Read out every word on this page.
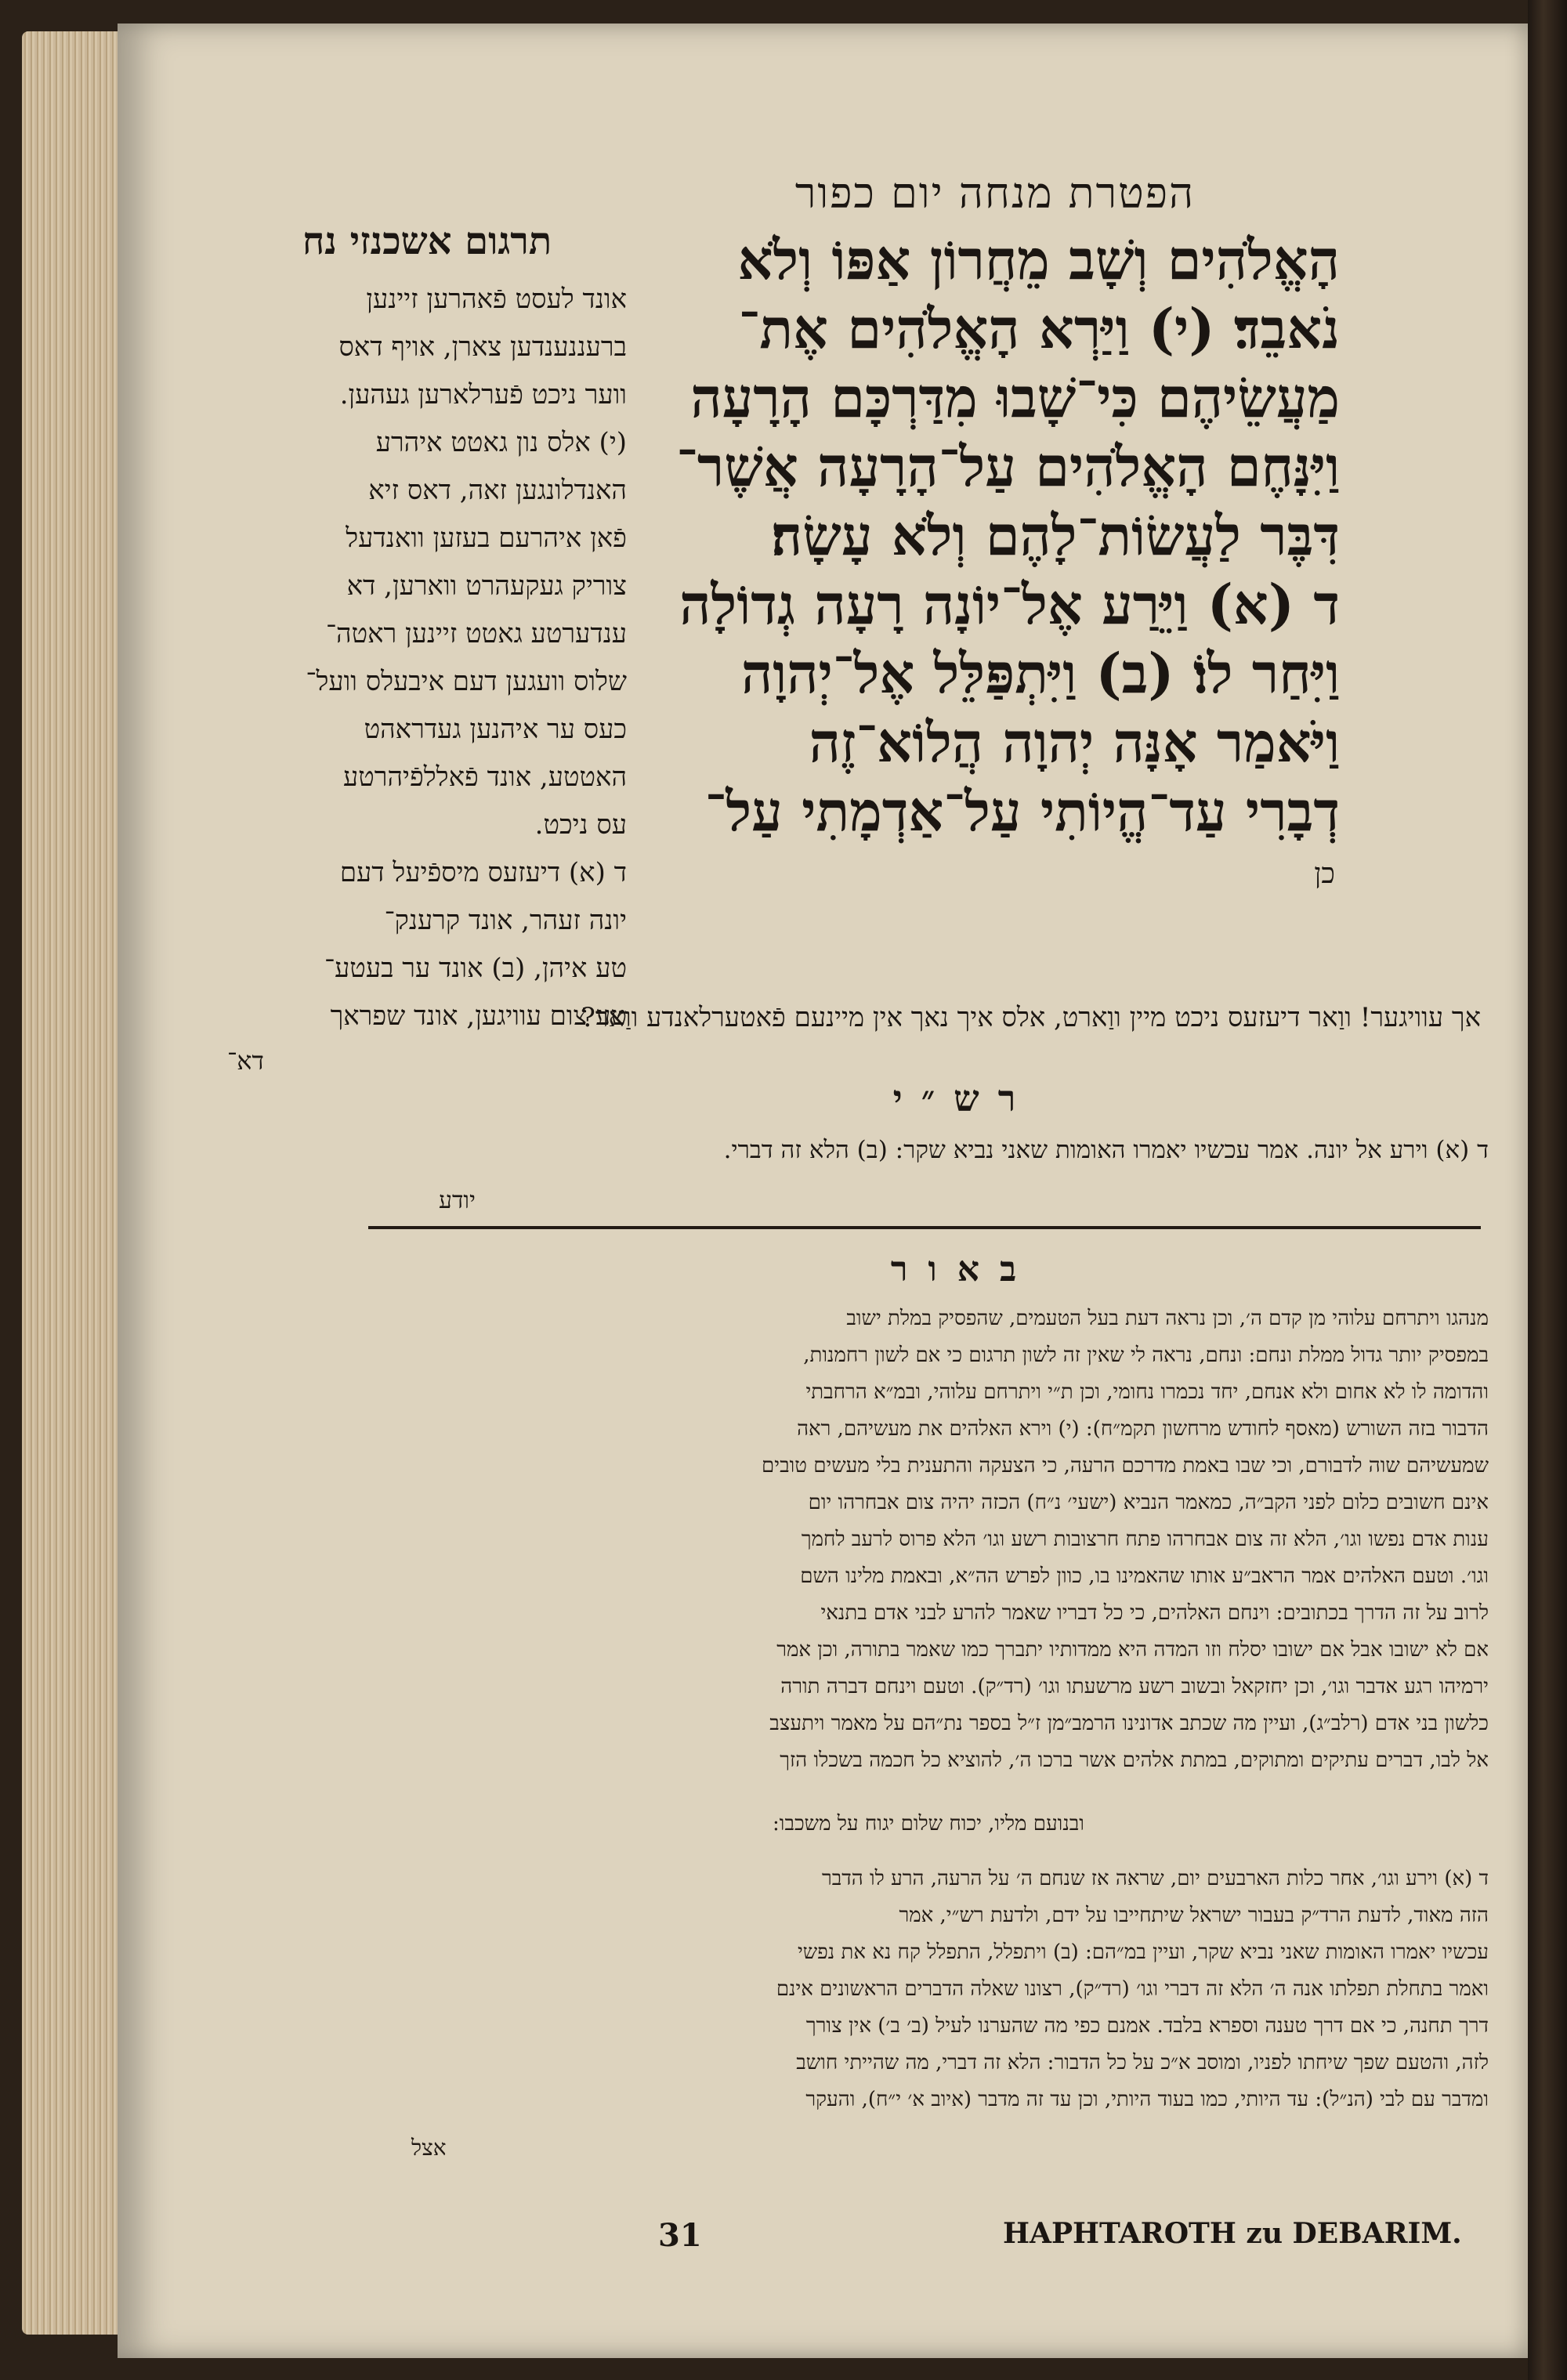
הפטרת מנחה יום כפור
הָאֱלֹהִים וְשָׁב מֵחֲרוֹן אַפּוֹ וְלֹא
נֹאבֵד׃ (י) וַיַּרְא הָאֱלֹהִים אֶת־
מַעֲשֵׂיהֶם כִּי־שָׁבוּ מִדַּרְכָּם הָרָעָה
וַיִּנָּחֶם הָאֱלֹהִים עַל־הָרָעָה אֲשֶׁר־
דִּבֶּר לַעֲשׂוֹת־לָהֶם וְלֹא עָשָׂה׃
ד (א) וַיֵּרַע אֶל־יוֹנָה רָעָה גְדוֹלָה
וַיִּחַר לוֹ׃ (ב) וַיִּתְפַּלֵּל אֶל־יְהוָה
וַיֹּאמַר אָנָּה יְהוָה הֲלוֹא־זֶה
דְבָרִי עַד־הֱיוֹתִי עַל־אַדְמָתִי עַל־
כן
תרגום אשכנזי נח
אונד לעסט פֿאהרען זיינען
ברעננענדען צארן, אויף דאס
ווער ניכט פֿערלארען געהען.
(י) אלס נון גאטט איהרע
האנדלונגען זאה, דאס זיא
פֿאן איהרעם בעזען וואנדעל
צוריק געקעהרט ווארען, דא
ענדערטע גאטט זיינען ראטה־
שלוס וועגען דעם איבעלס וועל־
כעס ער איהנען געדראהט
האטטע, אונד פֿאללפֿיהרטע
עס ניכט.
ד (א) דיעזעס מיספֿיעל דעם
יונה זעהר, אונד קרענק־
טע איהן, (ב) אונד ער בעטע־
טע צום עוויגען, אונד שפראך
אך עוויגער! ווַאר דיעזעס ניכט מיין ווַארט, אלס איך נאך אין מיינעם פֿאטערלאנדע ווַאר?
דא־
רש״י
ד (א) וירע אל יונה. אמר עכשיו יאמרו האומות שאני נביא שקר: (ב) הלא זה דברי.
יודע
באור
מנהגו ויתרחם עלוהי מן קדם ה׳, וכן נראה דעת בעל הטעמים, שהפסיק במלת ישוב
במפסיק יותר גדול ממלת ונחם: ונחם, נראה לי שאין זה לשון תרגום כי אם לשון רחמנות,
והדומה לו לא אחום ולא אנחם, יחד נכמרו נחומי, וכן ת״י ויתרחם עלוהי, ובמ״א הרחבתי
הדבור בזה השורש (מאסף לחודש מרחשון תקמ״ח): (י) וירא האלהים את מעשיהם, ראה
שמעשיהם שוה לדבורם, וכי שבו באמת מדרכם הרעה, כי הצעקה והתענית בלי מעשים טובים
אינם חשובים כלום לפני הקב״ה, כמאמר הנביא (ישעי׳ נ״ח) הכזה יהיה צום אבחרהו יום
ענות אדם נפשו וגו׳, הלא זה צום אבחרהו פתח חרצובות רשע וגו׳ הלא פרוס לרעב לחמך
וגו׳. וטעם האלהים אמר הראב״ע אותו שהאמינו בו, כוון לפרש הה״א, ובאמת מלינו השם
לרוב על זה הדרך בכתובים: וינחם האלהים, כי כל דבריו שאמר להרע לבני אדם בתנאי
אם לא ישובו אבל אם ישובו יסלח וזו המדה היא ממדותיו יתברך כמו שאמר בתורה, וכן אמר
ירמיהו רגע אדבר וגו׳, וכן יחזקאל ובשוב רשע מרשעתו וגו׳ (רד״ק). וטעם וינחם דברה תורה
כלשון בני אדם (רלב״ג), ועיין מה שכתב אדונינו הרמב״מן ז״ל בספר נת״הם על מאמר ויתעצב
אל לבו, דברים עתיקים ומתוקים, במתת אלהים אשר ברכו ה׳, להוציא כל חכמה בשכלו הזך
ובנועם מליו, יכוח שלום יגוח על משכבו:
ד (א) וירע וגו׳, אחר כלות הארבעים יום, שראה אז שנחם ה׳ על הרעה, הרע לו הדבר
הזה מאוד, לדעת הרד״ק בעבור ישראל שיתחייבו על ידם, ולדעת רש״י, אמר
עכשיו יאמרו האומות שאני נביא שקר, ועיין במ״הם: (ב) ויתפלל, התפלל קח נא את נפשי
ואמר בתחלת תפלתו אנה ה׳ הלא זה דברי וגו׳ (רד״ק), רצונו שאלה הדברים הראשונים אינם
דרך תחנה, כי אם דרך טענה וספרא בלבד. אמנם כפי מה שהערנו לעיל (ב׳ ב׳) אין צורך
לזה, והטעם שפך שיחתו לפניו, ומוסב א״כ על כל הדבור: הלא זה דברי, מה שהייתי חושב
ומדבר עם לבי (הנ״ל): עד היותי, כמו בעוד היותי, וכן עד זה מדבר (איוב א׳ י״ח), והעקר
אצל
31	HAPHTAROTH zu DEBARIM.
